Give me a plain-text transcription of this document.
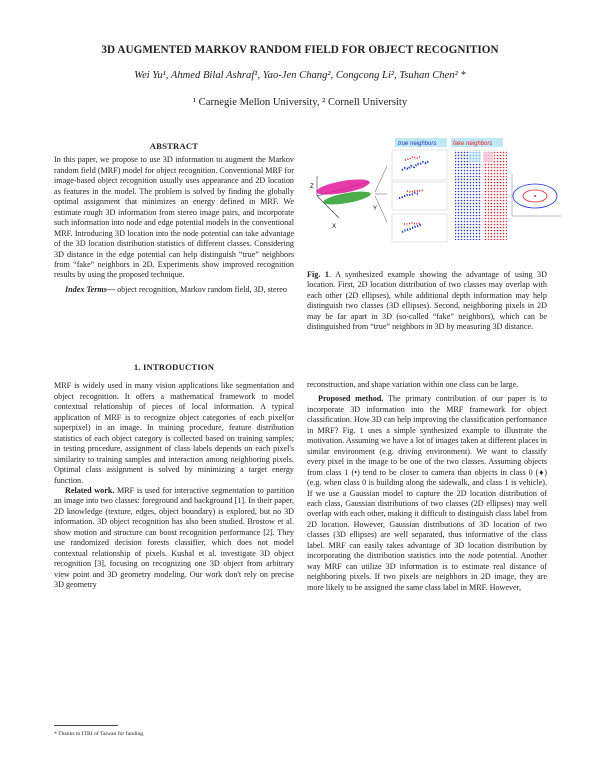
3D AUGMENTED MARKOV RANDOM FIELD FOR OBJECT RECOGNITION
Wei Yu¹, Ahmed Bilal Ashraf¹, Yao-Jen Chang², Congcong Li², Tsuhan Chen² *
¹ Carnegie Mellon University, ² Cornell University

ABSTRACT

In this paper, we propose to use 3D information to augment the Markov random field (MRF) model for object recognition. Conventional MRF for image-based object recognition usually uses appearance and 2D location as features in the model. The problem is solved by finding the globally optimal assignment that minimizes an energy defined in MRF. We estimate rough 3D information from stereo image pairs, and incorporate such information into node and edge potential models in the conventional MRF. Introducing 3D location into the node potential can take advantage of the 3D location distribution statistics of different classes. Considering 3D distance in the edge potential can help distinguish “true” neighbors from “fake” neighbors in 2D. Experiments show improved recognition results by using the proposed technique.

Index Terms— object recognition, Markov random field, 3D, stereo

1. INTRODUCTION

MRF is widely used in many vision applications like segmentation and object recognition. It offers a mathematical framework to model contextual relationship of pieces of local information. A typical application of MRF is to recognize object categories of each pixel(or superpixel) in an image. In training procedure, feature distribution statistics of each object category is collected based on training samples; in testing procedure, assignment of class labels depends on each pixel's similarity to training samples and interaction among neighboring pixels. Optimal class assignment is solved by minimizing a target energy function.

Related work. MRF is used for interactive segmentation to partition an image into two classes: foreground and background [1]. In their paper, 2D knowledge (texture, edges, object boundary) is explored, but no 3D information. 3D object recognition has also been studied. Brostow et al. show motion and structure can boost recognition performance [2]. They use randomized decision forests classifier, which does not model contextual relationship of pixels. Kushal et al. investigate 3D object recognition [3], focusing on recognizing one 3D object from arbitrary view point and 3D geometry modeling. Our work don't rely on precise 3D geometry

* Thanks to ITRI of Taiwan for funding.
true neighbors	fake neighbors
Z
X
Y

Fig. 1. A synthesized example showing the advantage of using 3D location. First, 2D location distribution of two classes may overlap with each other (2D ellipses), while additional depth information may help distinguish two classes (3D ellipses). Second, neighboring pixels in 2D may be far apart in 3D (so-called “fake” neighbors), which can be distinguished from “true” neighbors in 3D by measuring 3D distance.

reconstruction, and shape variation within one class can be large.

Proposed method. The primary contribution of our paper is to incorporate 3D information into the MRF framework for object classification. How 3D can help improving the classification performance in MRF? Fig. 1 uses a simple synthesized example to illustrate the motivation. Assuming we have a lot of images taken at different places in similar environment (e.g. driving environment). We want to classify every pixel in the image to be one of the two classes. Assuming objects from class 1 (•) tend to be closer to camera than objects in class 0 (♦) (e.g. when class 0 is building along the sidewalk, and class 1 is vehicle). If we use a Gaussian model to capture the 2D location distribution of each class, Gaussian distributions of two classes (2D ellipses) may well overlap with each other, making it difficult to distinguish class label from 2D location. However, Gaussian distributions of 3D location of two classes (3D ellipses) are well separated, thus informative of the class label. MRF can easily takes advantage of 3D location distribution by incorporating the distribution statistics into the node potential. Another way MRF can utilize 3D information is to estimate real distance of neighboring pixels. If two pixels are neighbors in 2D image, they are more likely to be assigned the same class label in MRF. However,
